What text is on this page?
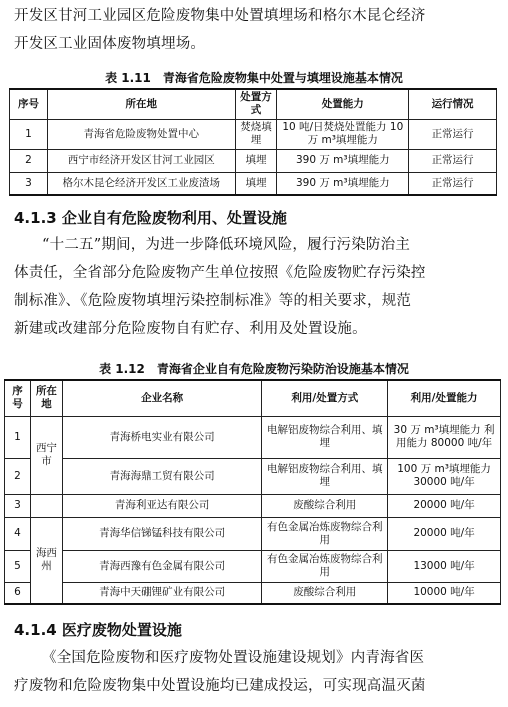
开发区甘河工业园区危险废物集中处置填埋场和格尔木昆仑经济
开发区工业固体废物填埋场。
表 1.11　青海省危险废物集中处置与填埋设施基本情况
序号	所在地	处置方式	处置能力	运行情况
1	青海省危险废物处置中心	焚烧填埋	10 吨/日焚烧处置能力 10 万 m³填埋能力	正常运行
2	西宁市经济开发区甘河工业园区	填埋	390 万 m³填埋能力	正常运行
3	格尔木昆仑经济开发区工业废渣场	填埋	390 万 m³填埋能力	正常运行
4.1.3 企业自有危险废物利用、处置设施
“十二五”期间，为进一步降低环境风险，履行污染防治主
体责任，全省部分危险废物产生单位按照《危险废物贮存污染控
制标准》、《危险废物填埋污染控制标准》等的相关要求，规范
新建或改建部分危险废物自有贮存、利用及处置设施。
表 1.12　青海省企业自有危险废物污染防治设施基本情况
序号	所在地	企业名称	利用/处置方式	利用/处置能力
1	西宁市	青海桥电实业有限公司	电解铝废物综合利用、填埋	30 万 m³填埋能力 利用能力 80000 吨/年
2		青海海鼎工贸有限公司	电解铝废物综合利用、填埋	100 万 m³填埋能力 30000 吨/年
3		青海利亚达有限公司	废酸综合利用	20000 吨/年
4	海西州	青海华信锑锰科技有限公司	有色金属冶炼废物综合利用	20000 吨/年
5		青海西豫有色金属有限公司	有色金属冶炼废物综合利用	13000 吨/年
6		青海中天硼锂矿业有限公司	废酸综合利用	10000 吨/年
4.1.4 医疗废物处置设施
《全国危险废物和医疗废物处置设施建设规划》内青海省医
疗废物和危险废物集中处置设施均已建成投运，可实现高温灭菌
